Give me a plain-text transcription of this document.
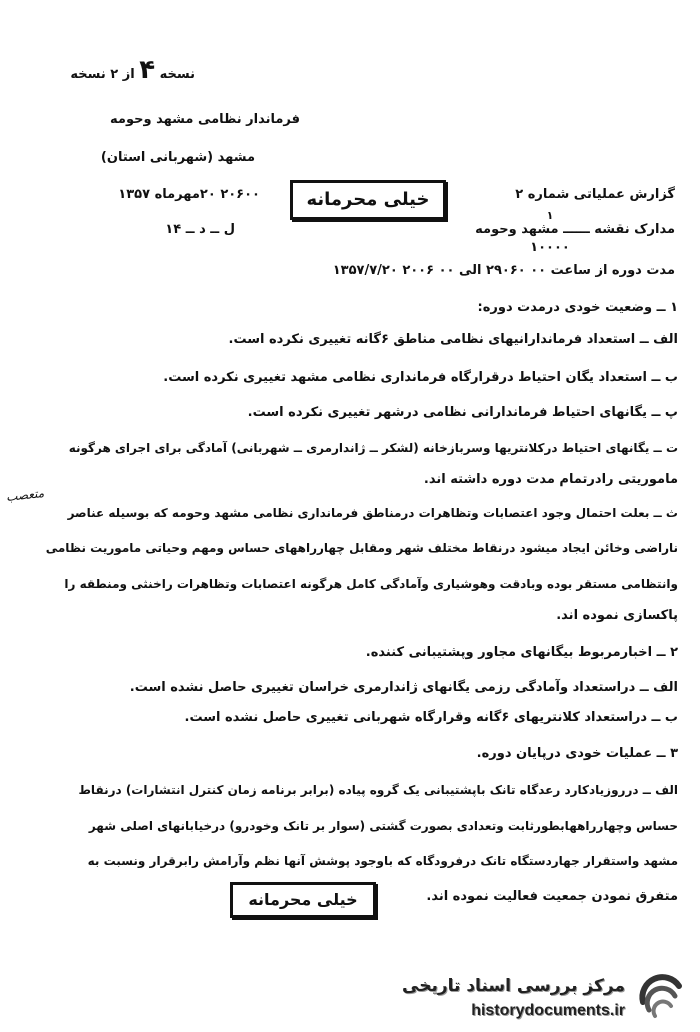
نسخه ۴ از ۲ نسخه
فرماندار نظامی مشهد وحومه
مشهد (شهربانی استان)
۲۰۶۰۰ ۲۰مهرماه ۱۳۵۷
ل ــ د ــ ۱۴
گزارش عملیاتی شماره ۲
۱
مدارک نقشه ــــــ مشهد وحومه
۱۰۰۰۰
مدت دوره از ساعت ۰۰ ۲۹۰۶۰ الی ۰۰ ۲۰۰۶ ۱۳۵۷/۷/۲۰
خیلی محرمانه
۱ ــ وضعیت خودی درمدت دوره:
الف ــ استعداد فرماندارانیهای نظامی مناطق ۶گانه تغییری نکرده است.
ب ــ استعداد یگان احتیاط درقرارگاه فرمانداری نظامی مشهد تغییری نکرده است.
پ ــ یگانهای احتیاط فرماندارانی نظامی درشهر تغییری نکرده است.
ت ــ یگانهای احتیاط درکلانتریها وسربازخانه (لشکر ــ ژاندارمری ــ شهربانی) آمادگی برای اجرای هرگونه
ماموریتی رادرتمام مدت دوره داشته اند.
متعصب
ث ــ بعلت احتمال وجود اعتصابات وتظاهرات درمناطق فرمانداری نظامی مشهد وحومه که بوسیله عناصر
ناراضی وخائن ایجاد میشود درنقاط مختلف شهر ومقابل چهارراههای حساس ومهم وحیاتی ماموریت نظامی
وانتظامی مستقر بوده وبادقت وهوشیاری وآمادگی کامل هرگونه اعتصابات وتظاهرات راخنثی ومنطقه را
پاکسازی نموده اند.
۲ ــ اخبارمربوط بیگانهای مجاور وپشتیبانی کننده.
الف ــ دراستعداد وآمادگی رزمی یگانهای ژاندارمری خراسان تغییری حاصل نشده است.
ب ــ دراستعداد کلانتریهای ۶گانه وقرارگاه شهربانی تغییری حاصل نشده است.
۳ ــ عملیات خودی درپایان دوره.
الف ــ درروزیادکارد رعدگاه تانک باپشتیبانی یک گروه پیاده (برابر برنامه زمان کنترل انتشارات) درنقاط
حساس وچهارراههابطورثابت وتعدادی بصورت گشتی (سوار بر تانک وخودرو) درخیابانهای اصلی شهر
مشهد واستقرار جهاردستگاه تانک درفرودگاه که باوجود پوشش آنها نظم وآرامش رابرقرار ونسبت به
متفرق نمودن جمعیت فعالیت نموده اند.
خیلی محرمانه
مرکز بررسی اسناد تاریخی
historydocuments.ir
